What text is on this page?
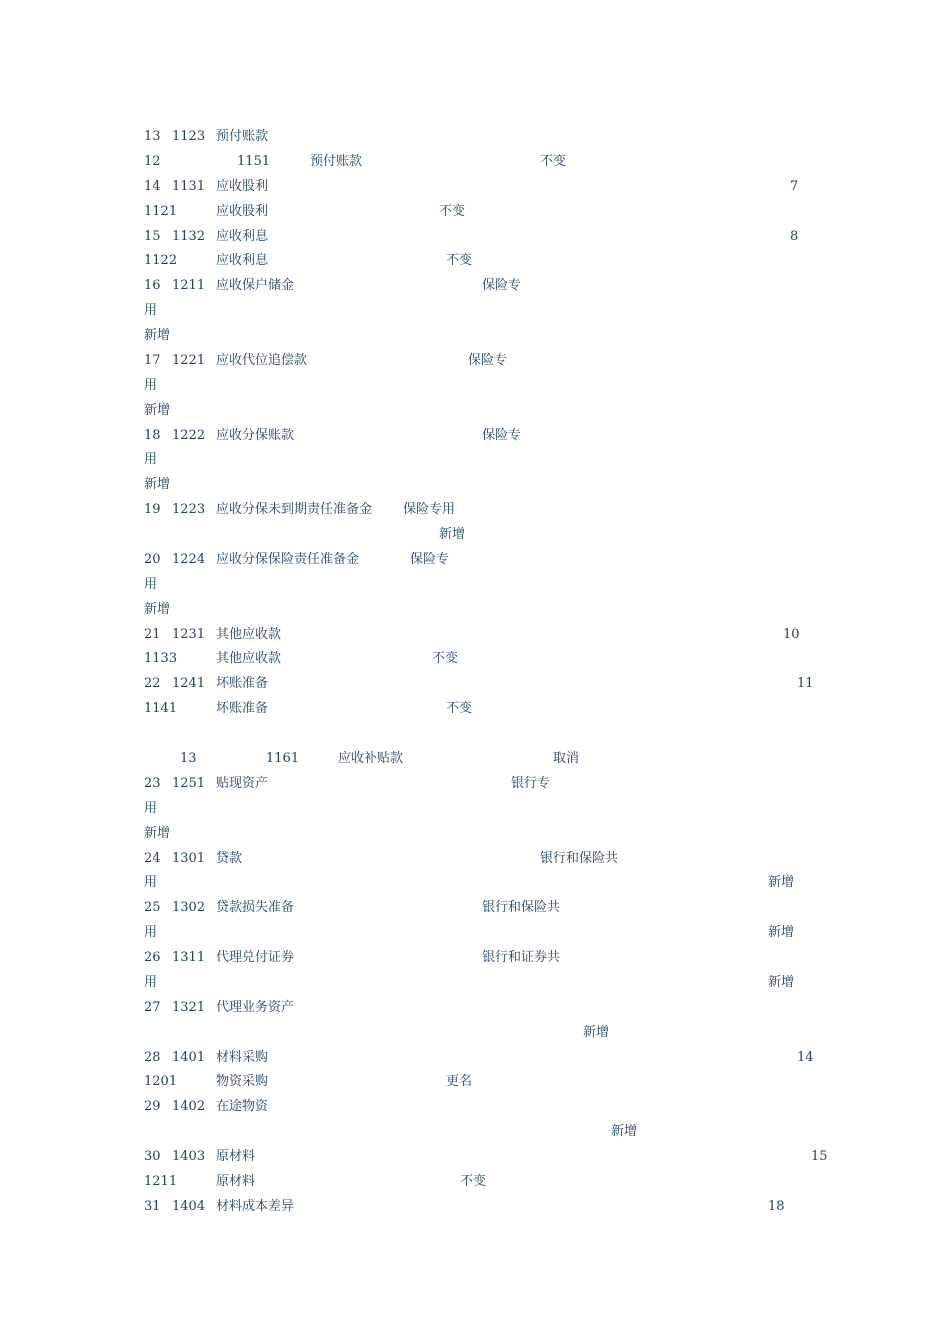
13 1123 预付账款
12	1151	预付账款	不变
14 1131 应收股利	7
1121	应收股利	不变
15 1132 应收利息	8
1122	应收利息	不变
16 1211 应收保户储金	保险专
用
新增
17 1221 应收代位追偿款	保险专
用
新增
18 1222 应收分保账款	保险专
用
新增
19 1223 应收分保未到期责任准备金 保险专用
新增
20 1224 应收分保保险责任准备金	保险专
用
新增
21 1231 其他应收款	10
1133	其他应收款	不变
22 1241 坏账准备	11
1141	坏账准备	不变
13	1161	应收补贴款	取消
23 1251 贴现资产	银行专
用
新增
24 1301 贷款	银行和保险共
用	新增
25 1302 贷款损失准备	银行和保险共
用	新增
26 1311 代理兑付证券	银行和证券共
用	新增
27 1321 代理业务资产
新增
28 1401 材料采购	14
1201	物资采购	更名
29 1402 在途物资
新增
30 1403 原材料	15
1211	原材料	不变
31 1404 材料成本差异	18
